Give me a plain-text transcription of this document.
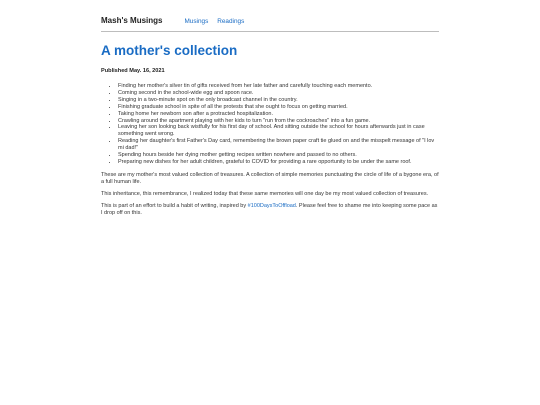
Mash's Musings	Musings Readings
A mother's collection
Published May. 16, 2021
• Finding her mother's silver tin of gifts received from her late father and carefully touching each memento.
• Coming second in the school-wide egg and spoon race.
• Singing in a two-minute spot on the only broadcast channel in the country.
• Finishing graduate school in spite of all the protests that she ought to focus on getting married.
• Taking home her newborn son after a protracted hospitalization.
• Crawling around the apartment playing with her kids to turn "run from the cockroaches" into a fun game.
• Leaving her son looking back wistfully for his first day of school. And sitting outside the school for hours afterwards just in case something went wrong.
• Reading her daughter's first Father's Day card, remembering the brown paper craft tie glued on and the misspelt message of "I lov mi dad!"
• Spending hours beside her dying mother getting recipes written nowhere and passed to no others.
• Preparing new dishes for her adult children, grateful to COVID for providing a rare opportunity to be under the same roof.

These are my mother's most valued collection of treasures. A collection of simple memories punctuating the circle of life of a bygone era, of a full human life.

This inheritance, this remembrance, I realized today that these same memories will one day be my most valued collection of treasures.

This is part of an effort to build a habit of writing, inspired by #100DaysToOffload. Please feel free to shame me into keeping some pace as I drop off on this.
